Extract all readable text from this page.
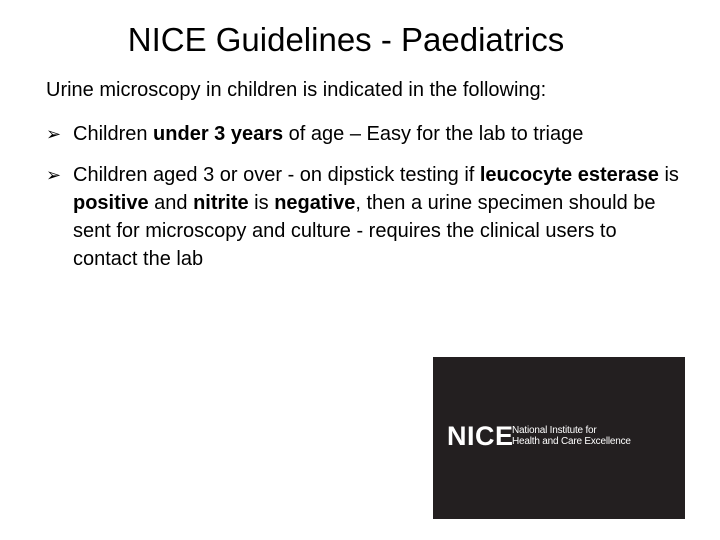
NICE Guidelines - Paediatrics

Urine microscopy in children is indicated in the following:

➢ Children under 3 years of age – Easy for the lab to triage
➢ Children aged 3 or over - on dipstick testing if leucocyte esterase is positive and nitrite is negative, then a urine specimen should be sent for microscopy and culture - requires the clinical users to contact the lab
NICE
National Institute for
Health and Care Excellence
